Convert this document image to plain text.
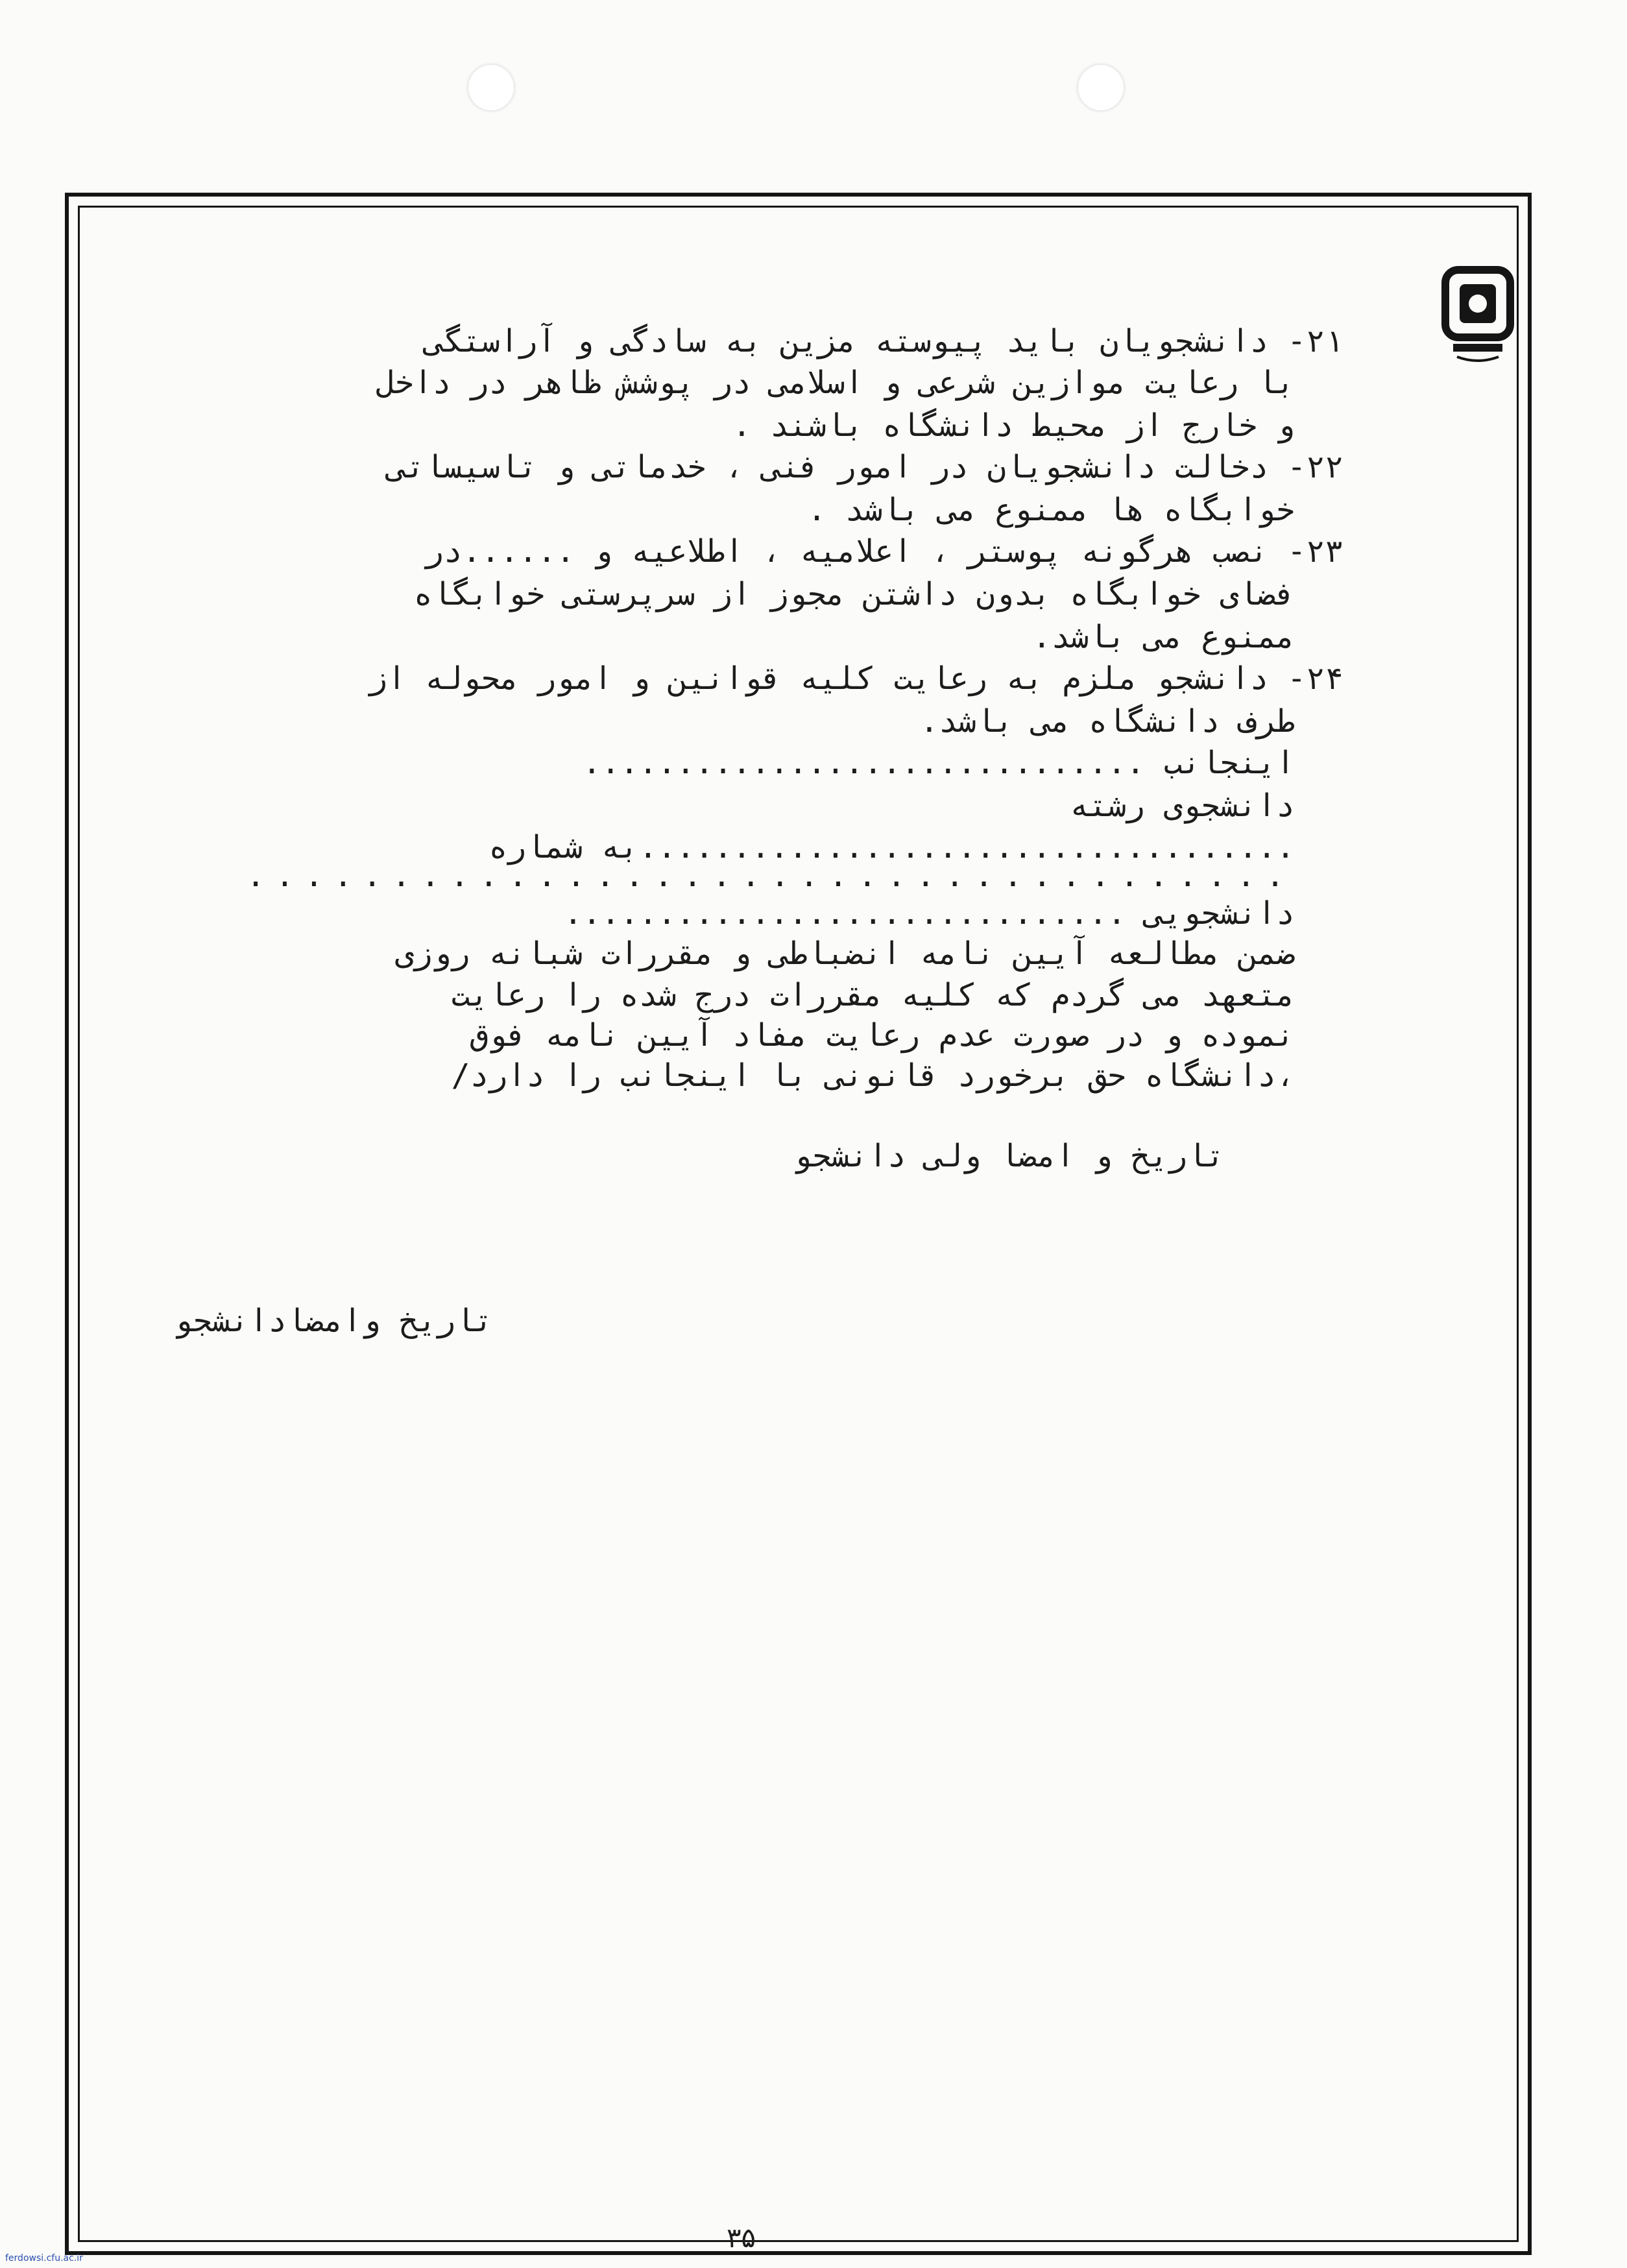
۲۱- دانشجویان باید پیوسته مزین به سادگی و آراستگی
با رعایت موازین شرعی و اسلامی در پوشش ظاهر در داخل
و خارج از محیط دانشگاه باشند .
۲۲- دخالت دانشجویان در امور فنی ، خدماتی و تاسیساتی
خوابگاه ها ممنوع می باشد .
۲۳- نصب هرگونه پوستر ، اعلامیه ، اطلاعیه و ......در
فضای خوابگاه بدون داشتن مجوز از سرپرستی خوابگاه
ممنوع می باشد.
۲۴- دانشجو ملزم به رعایت کلیه قوانین و امور محوله از
طرف دانشگاه می باشد.
اینجانب ..............................
دانشجوی رشته
...................................به شماره
....................................
دانشجویی ..............................
ضمن مطالعه آیین نامه انضباطی و مقررات شبانه روزی
متعهد می گردم که کلیه مقررات درج شده را رعایت
نموده و در صورت عدم رعایت مفاد آیین نامه فوق
،دانشگاه حق برخورد قانونی با اینجانب را دارد/
تاریخ و امضا ولی دانشجو
تاریخ وامضادانشجو
۳۵
ferdowsi.cfu.ac.ir
